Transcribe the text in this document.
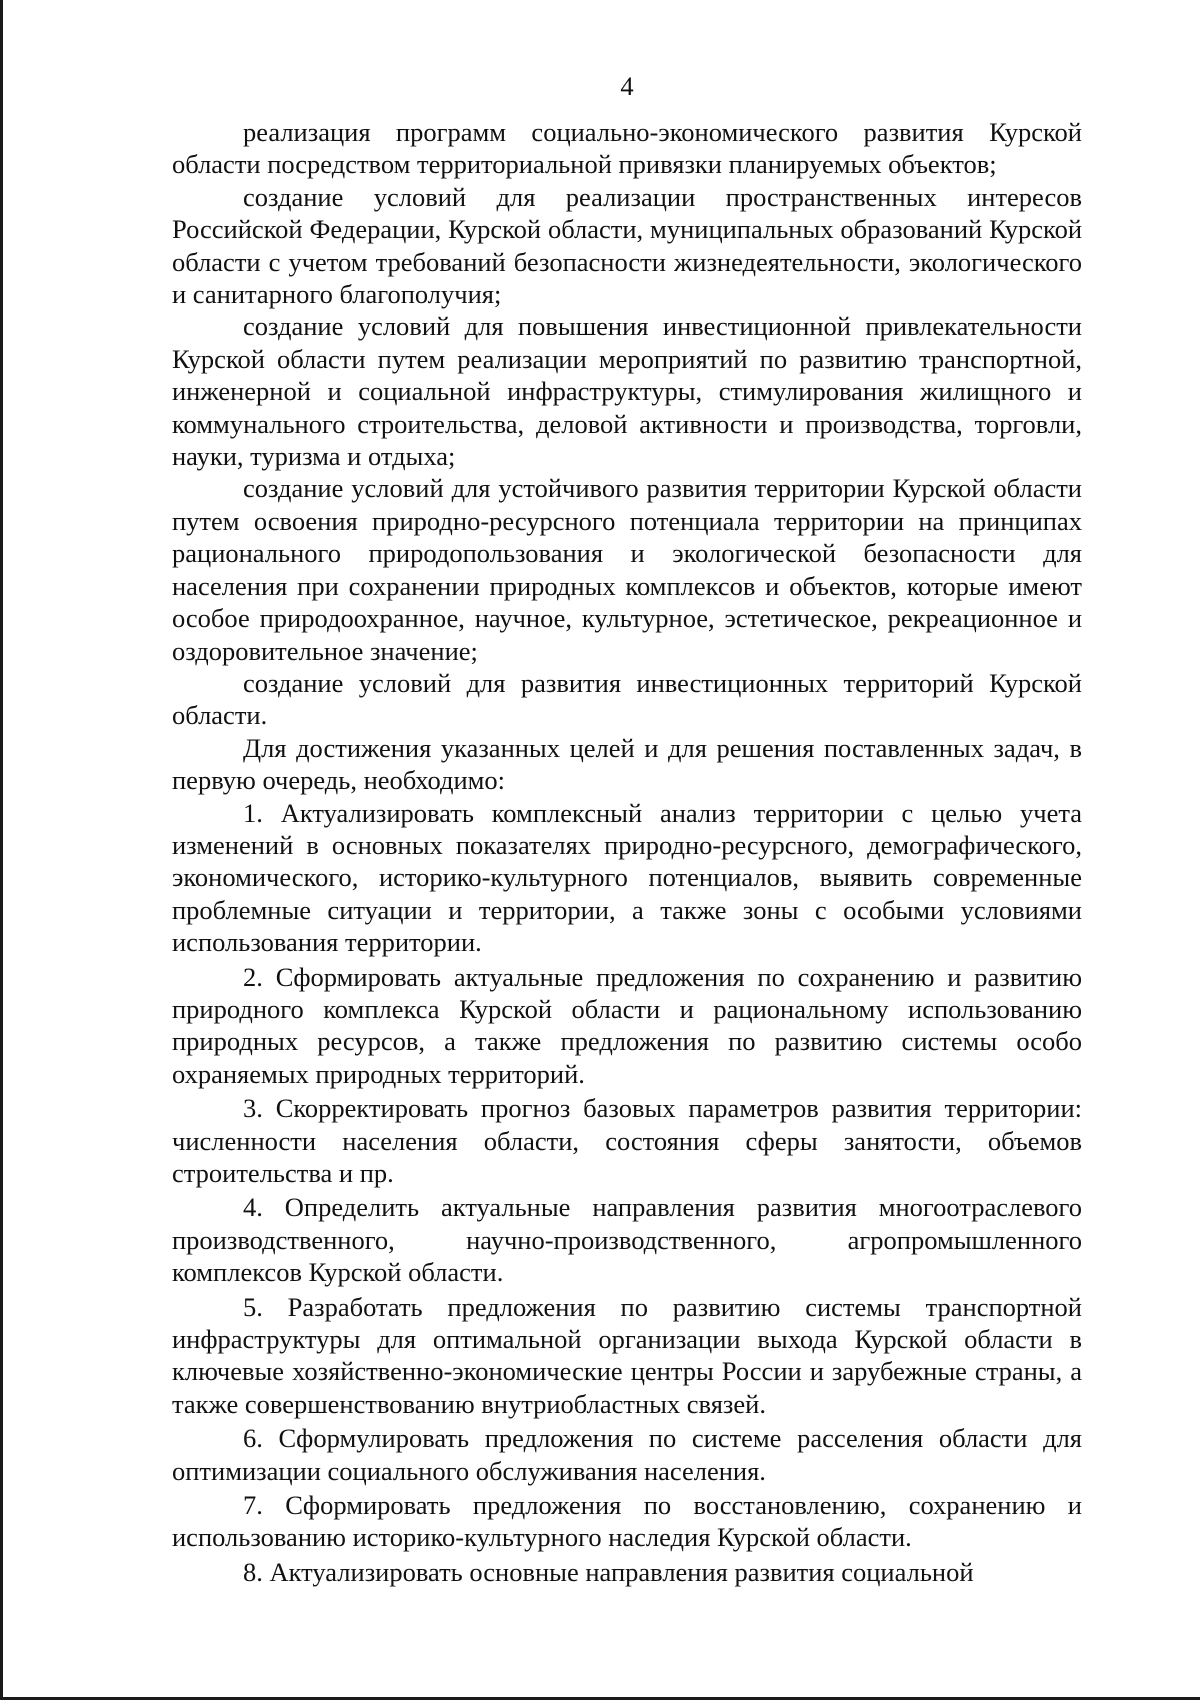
4

реализация программ социально-экономического развития Курской области посредством территориальной привязки планируемых объектов;

создание условий для реализации пространственных интересов Российской Федерации, Курской области, муниципальных образований Курской области с учетом требований безопасности жизнедеятельности, экологического и санитарного благополучия;

создание условий для повышения инвестиционной привлекательности Курской области путем реализации мероприятий по развитию транспортной, инженерной и социальной инфраструктуры, стимулирования жилищного и коммунального строительства, деловой активности и производства, торговли, науки, туризма и отдыха;

создание условий для устойчивого развития территории Курской области путем освоения природно-ресурсного потенциала территории на принципах рационального природопользования и экологической безопасности для населения при сохранении природных комплексов и объектов, которые имеют особое природоохранное, научное, культурное, эстетическое, рекреационное и оздоровительное значение;

создание условий для развития инвестиционных территорий Курской области.

Для достижения указанных целей и для решения поставленных задач, в первую очередь, необходимо:

1. Актуализировать комплексный анализ территории с целью учета изменений в основных показателях природно-ресурсного, демографического, экономического, историко-культурного потенциалов, выявить современные проблемные ситуации и территории, а также зоны с особыми условиями использования территории.

2. Сформировать актуальные предложения по сохранению и развитию природного комплекса Курской области и рациональному использованию природных ресурсов, а также предложения по развитию системы особо охраняемых природных территорий.

3. Скорректировать прогноз базовых параметров развития территории: численности населения области, состояния сферы занятости, объемов строительства и пр.

4. Определить актуальные направления развития многоотраслевого производственного, научно-производственного, агропромышленного комплексов Курской области.

5. Разработать предложения по развитию системы транспортной инфраструктуры для оптимальной организации выхода Курской области в ключевые хозяйственно-экономические центры России и зарубежные страны, а также совершенствованию внутриобластных связей.

6. Сформулировать предложения по системе расселения области для оптимизации социального обслуживания населения.

7. Сформировать предложения по восстановлению, сохранению и использованию историко-культурного наследия Курской области.

8. Актуализировать основные направления развития социальной
